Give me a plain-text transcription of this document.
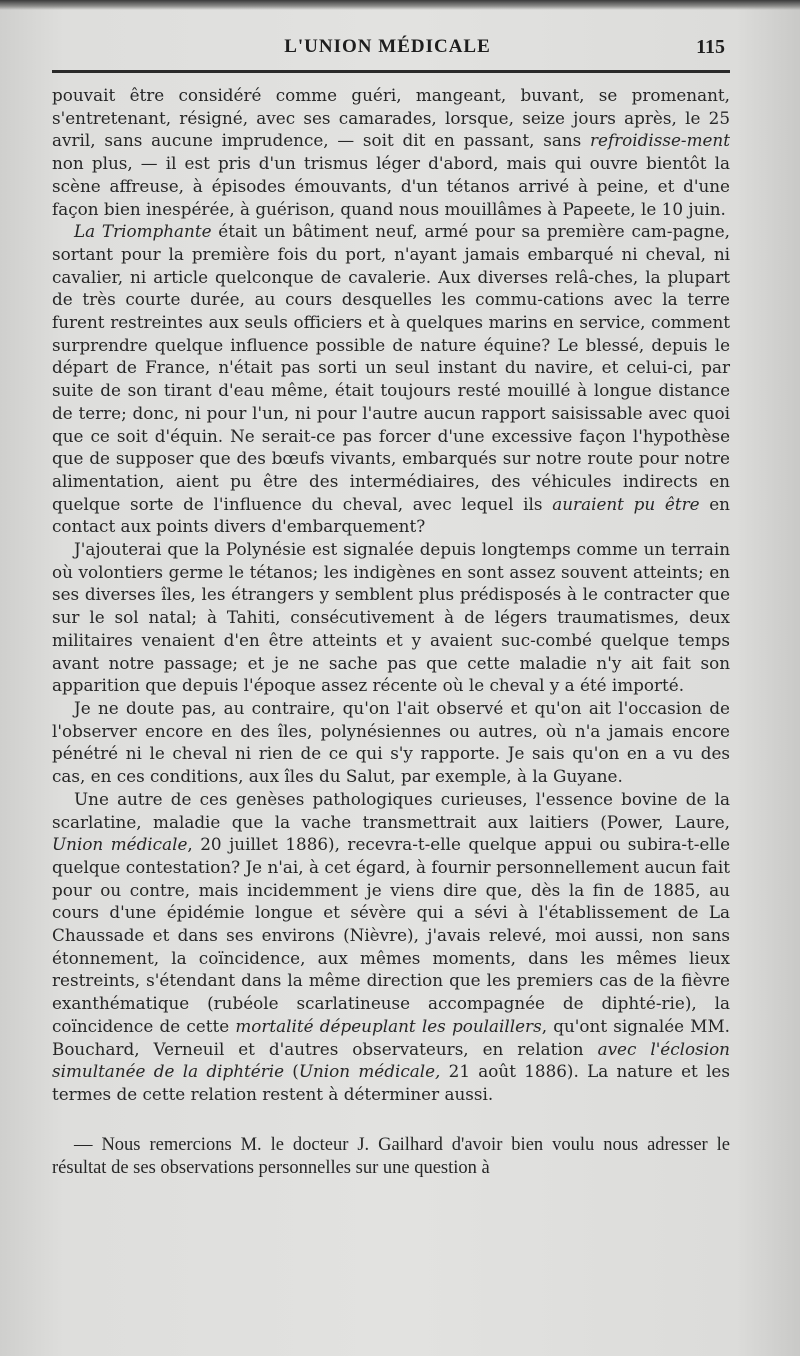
L'UNION MÉDICALE	115

pouvait être considéré comme guéri, mangeant, buvant, se promenant, s'entretenant, résigné, avec ses camarades, lorsque, seize jours après, le 25 avril, sans aucune imprudence, — soit dit en passant, sans refroidisse-ment non plus, — il est pris d'un trismus léger d'abord, mais qui ouvre bientôt la scène affreuse, à épisodes émouvants, d'un tétanos arrivé à peine, et d'une façon bien inespérée, à guérison, quand nous mouillâmes à Papeete, le 10 juin.

La Triomphante était un bâtiment neuf, armé pour sa première cam-pagne, sortant pour la première fois du port, n'ayant jamais embarqué ni cheval, ni cavalier, ni article quelconque de cavalerie. Aux diverses relâ-ches, la plupart de très courte durée, au cours desquelles les commu-cations avec la terre furent restreintes aux seuls officiers et à quelques marins en service, comment surprendre quelque influence possible de nature équine? Le blessé, depuis le départ de France, n'était pas sorti un seul instant du navire, et celui-ci, par suite de son tirant d'eau même, était toujours resté mouillé à longue distance de terre; donc, ni pour l'un, ni pour l'autre aucun rapport saisissable avec quoi que ce soit d'équin. Ne serait-ce pas forcer d'une excessive façon l'hypothèse que de supposer que des bœufs vivants, embarqués sur notre route pour notre alimentation, aient pu être des intermédiaires, des véhicules indirects en quelque sorte de l'influence du cheval, avec lequel ils auraient pu être en contact aux points divers d'embarquement?

J'ajouterai que la Polynésie est signalée depuis longtemps comme un terrain où volontiers germe le tétanos; les indigènes en sont assez souvent atteints; en ses diverses îles, les étrangers y semblent plus prédisposés à le contracter que sur le sol natal; à Tahiti, consécutivement à de légers traumatismes, deux militaires venaient d'en être atteints et y avaient suc-combé quelque temps avant notre passage; et je ne sache pas que cette maladie n'y ait fait son apparition que depuis l'époque assez récente où le cheval y a été importé.

Je ne doute pas, au contraire, qu'on l'ait observé et qu'on ait l'occasion de l'observer encore en des îles, polynésiennes ou autres, où n'a jamais encore pénétré ni le cheval ni rien de ce qui s'y rapporte. Je sais qu'on en a vu des cas, en ces conditions, aux îles du Salut, par exemple, à la Guyane.

Une autre de ces genèses pathologiques curieuses, l'essence bovine de la scarlatine, maladie que la vache transmettrait aux laitiers (Power, Laure, Union médicale, 20 juillet 1886), recevra-t-elle quelque appui ou subira-t-elle quelque contestation? Je n'ai, à cet égard, à fournir personnellement aucun fait pour ou contre, mais incidemment je viens dire que, dès la fin de 1885, au cours d'une épidémie longue et sévère qui a sévi à l'établissement de La Chaussade et dans ses environs (Nièvre), j'avais relevé, moi aussi, non sans étonnement, la coïncidence, aux mêmes moments, dans les mêmes lieux restreints, s'étendant dans la même direction que les premiers cas de la fièvre exanthématique (rubéole scarlatineuse accompagnée de diphté-rie), la coïncidence de cette mortalité dépeuplant les poulaillers, qu'ont signalée MM. Bouchard, Verneuil et d'autres observateurs, en relation avec l'éclosion simultanée de la diphtérie (Union médicale, 21 août 1886). La nature et les termes de cette relation restent à déterminer aussi.

— Nous remercions M. le docteur J. Gailhard d'avoir bien voulu nous adresser le résultat de ses observations personnelles sur une question à
